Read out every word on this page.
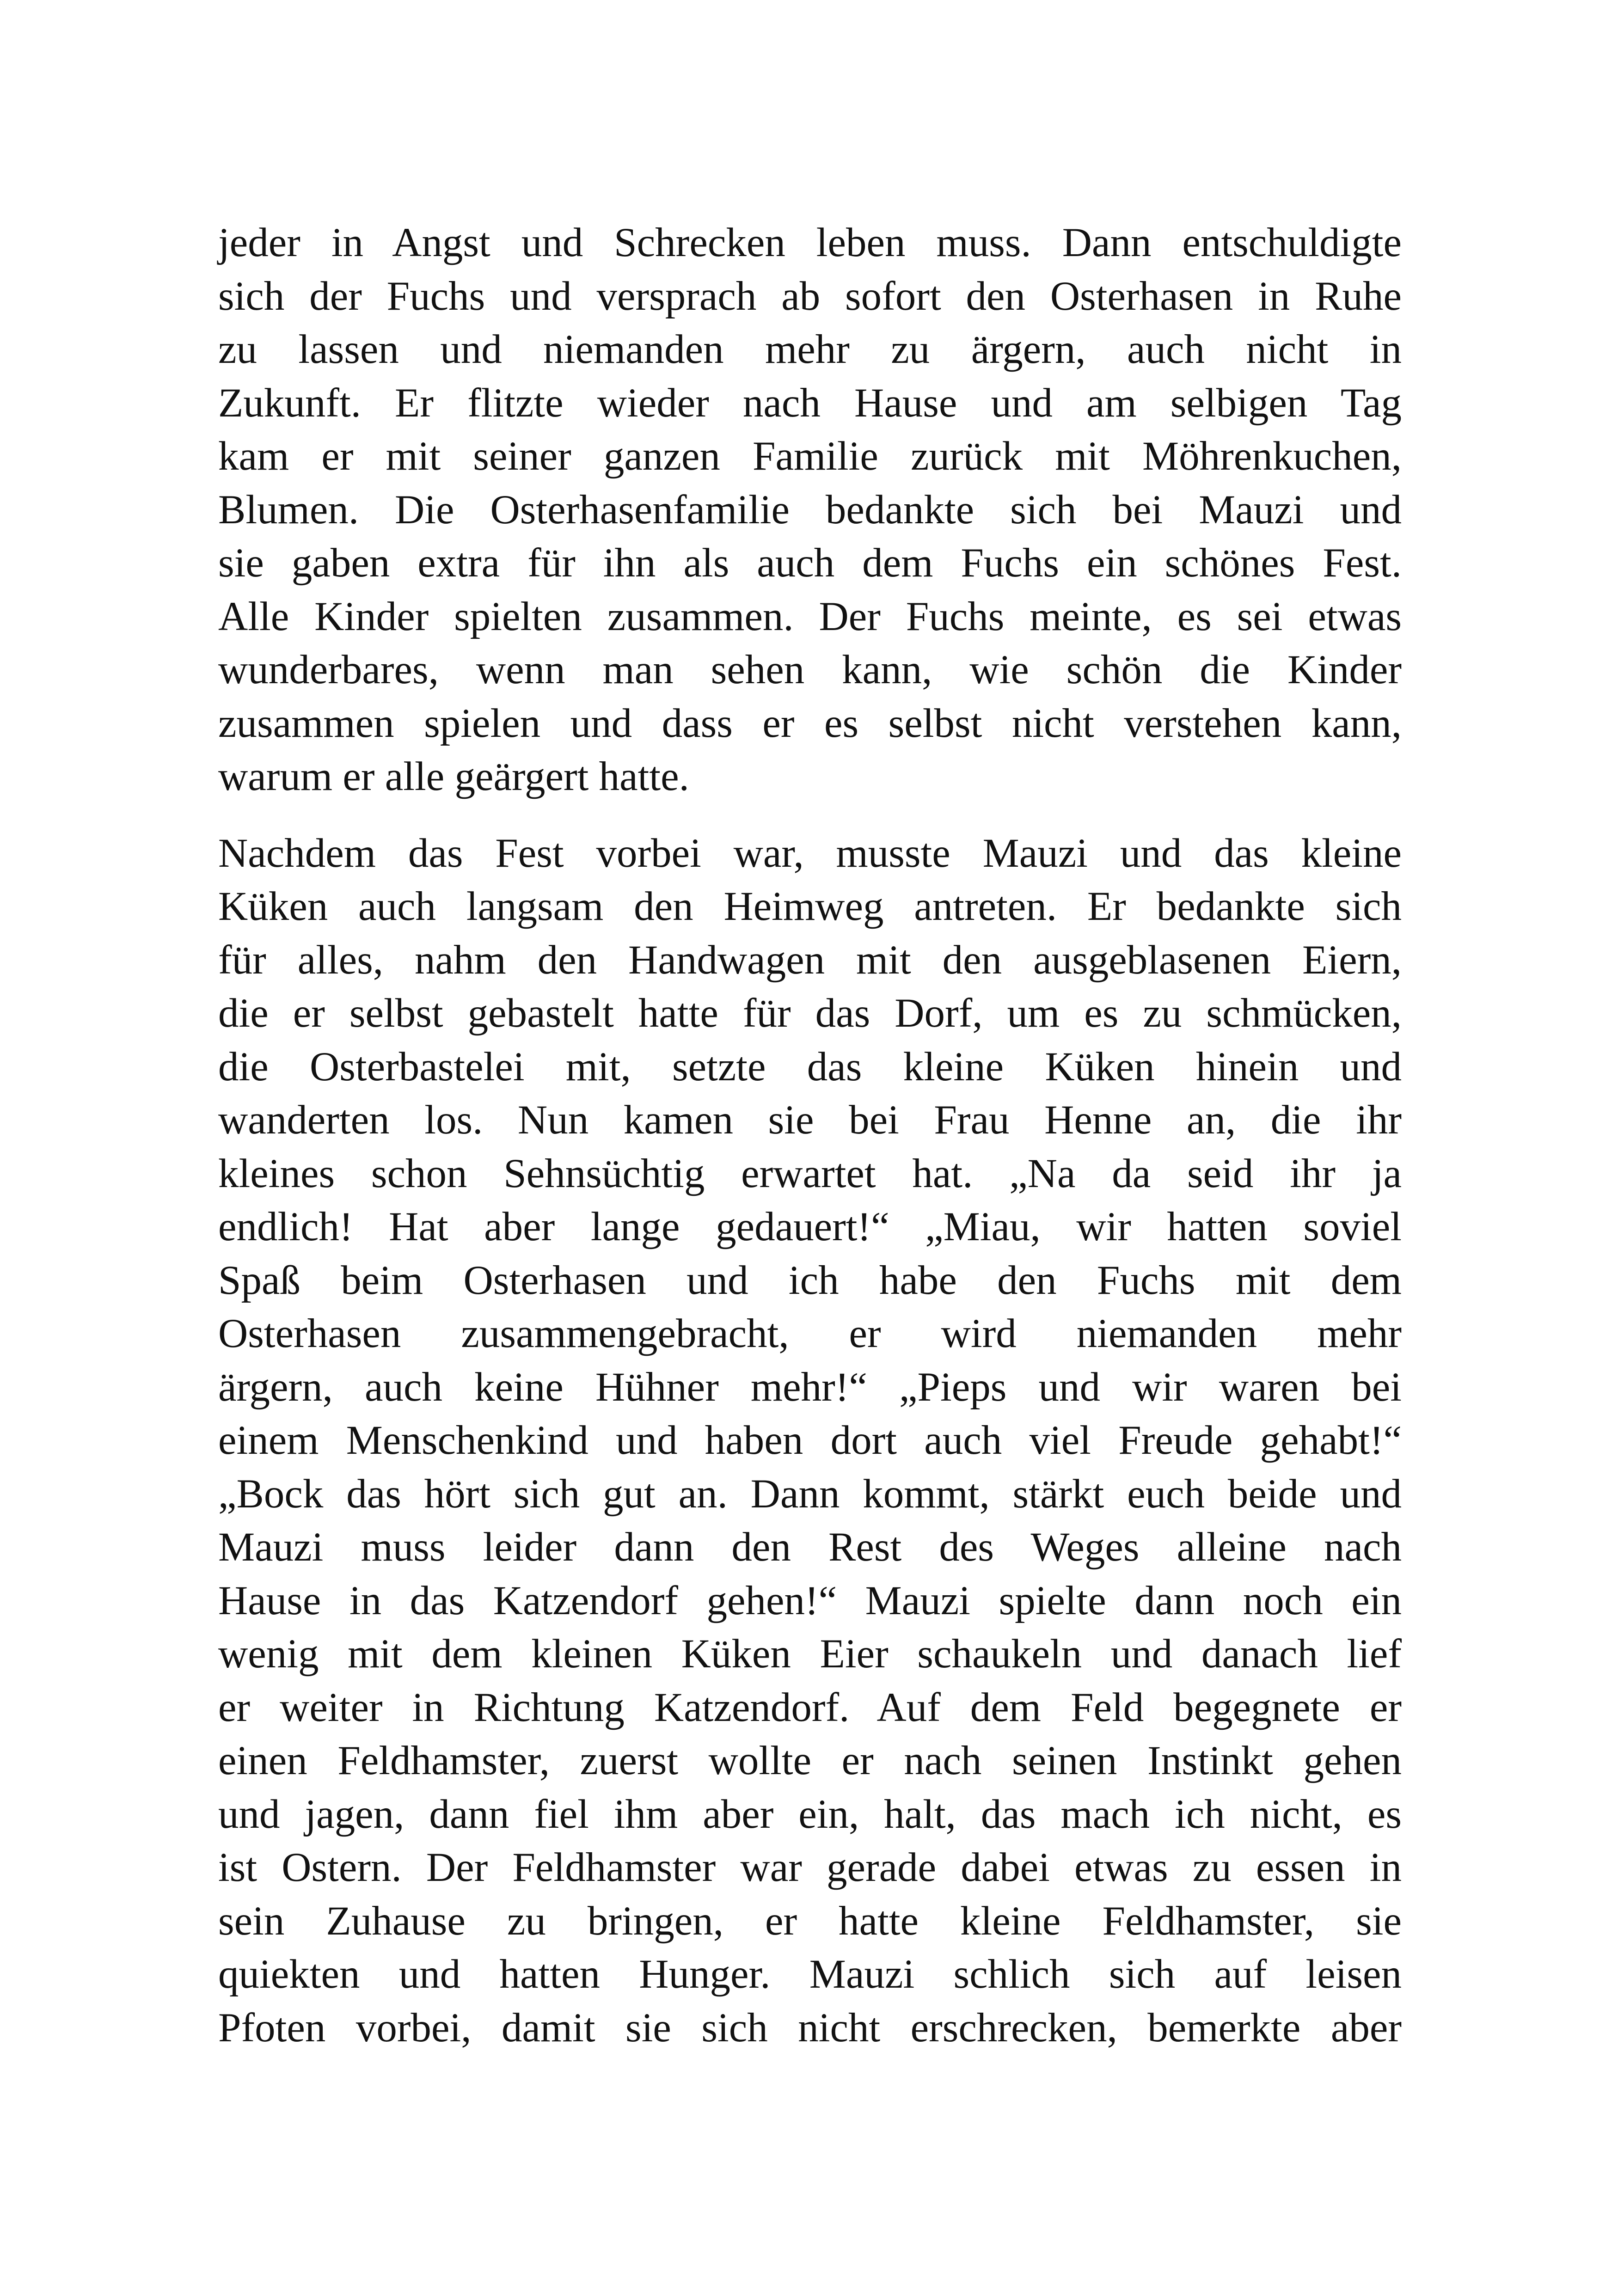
jeder in Angst und Schrecken leben muss. Dann entschuldigte
sich der Fuchs und versprach ab sofort den Osterhasen in Ruhe
zu lassen und niemanden mehr zu ärgern, auch nicht in
Zukunft. Er flitzte wieder nach Hause und am selbigen Tag
kam er mit seiner ganzen Familie zurück mit Möhrenkuchen,
Blumen. Die Osterhasenfamilie bedankte sich bei Mauzi und
sie gaben extra für ihn als auch dem Fuchs ein schönes Fest.
Alle Kinder spielten zusammen. Der Fuchs meinte, es sei etwas
wunderbares, wenn man sehen kann, wie schön die Kinder
zusammen spielen und dass er es selbst nicht verstehen kann,
warum er alle geärgert hatte.

Nachdem das Fest vorbei war, musste Mauzi und das kleine
Küken auch langsam den Heimweg antreten. Er bedankte sich
für alles, nahm den Handwagen mit den ausgeblasenen Eiern,
die er selbst gebastelt hatte für das Dorf, um es zu schmücken,
die Osterbastelei mit, setzte das kleine Küken hinein und
wanderten los. Nun kamen sie bei Frau Henne an, die ihr
kleines schon Sehnsüchtig erwartet hat. „Na da seid ihr ja
endlich! Hat aber lange gedauert!“ „Miau, wir hatten soviel
Spaß beim Osterhasen und ich habe den Fuchs mit dem
Osterhasen zusammengebracht, er wird niemanden mehr
ärgern, auch keine Hühner mehr!“ „Pieps und wir waren bei
einem Menschenkind und haben dort auch viel Freude gehabt!“
„Bock das hört sich gut an. Dann kommt, stärkt euch beide und
Mauzi muss leider dann den Rest des Weges alleine nach
Hause in das Katzendorf gehen!“ Mauzi spielte dann noch ein
wenig mit dem kleinen Küken Eier schaukeln und danach lief
er weiter in Richtung Katzendorf. Auf dem Feld begegnete er
einen Feldhamster, zuerst wollte er nach seinen Instinkt gehen
und jagen, dann fiel ihm aber ein, halt, das mach ich nicht, es
ist Ostern. Der Feldhamster war gerade dabei etwas zu essen in
sein Zuhause zu bringen, er hatte kleine Feldhamster, sie
quiekten und hatten Hunger. Mauzi schlich sich auf leisen
Pfoten vorbei, damit sie sich nicht erschrecken, bemerkte aber
